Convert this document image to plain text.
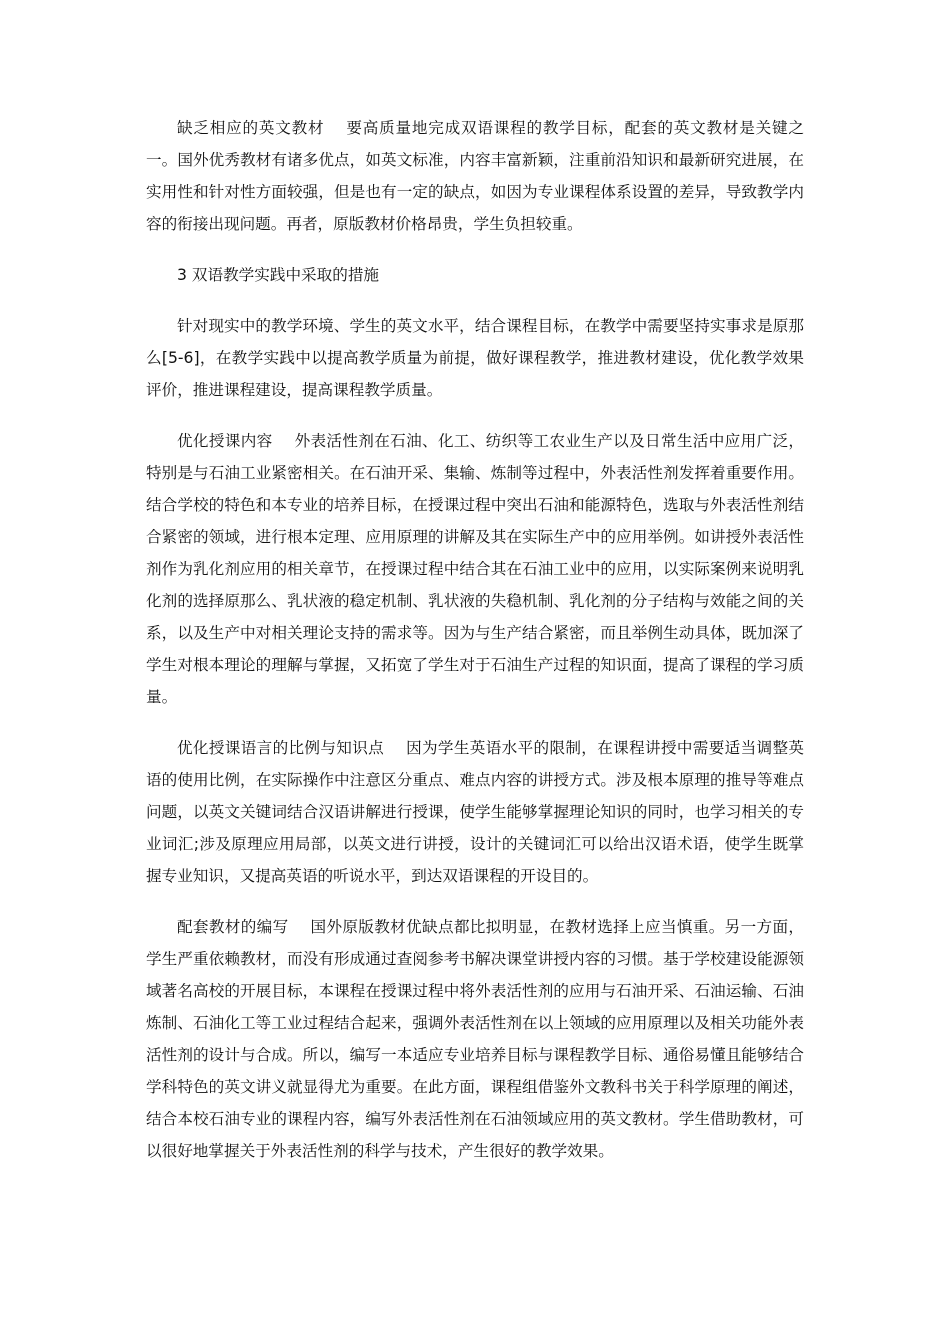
缺乏相应的英文教材 要高质量地完成双语课程的教学目标，配套的英文教材是关键之一。国外优秀教材有诸多优点，如英文标准，内容丰富新颖，注重前沿知识和最新研究进展，在实用性和针对性方面较强，但是也有一定的缺点，如因为专业课程体系设置的差异，导致教学内容的衔接出现问题。再者，原版教材价格昂贵，学生负担较重。

3 双语教学实践中采取的措施

针对现实中的教学环境、学生的英文水平，结合课程目标，在教学中需要坚持实事求是原那么[5-6]，在教学实践中以提高教学质量为前提，做好课程教学，推进教材建设，优化教学效果评价，推进课程建设，提高课程教学质量。

优化授课内容 外表活性剂在石油、化工、纺织等工农业生产以及日常生活中应用广泛，特别是与石油工业紧密相关。在石油开采、集输、炼制等过程中，外表活性剂发挥着重要作用。结合学校的特色和本专业的培养目标，在授课过程中突出石油和能源特色，选取与外表活性剂结合紧密的领域，进行根本定理、应用原理的讲解及其在实际生产中的应用举例。如讲授外表活性剂作为乳化剂应用的相关章节，在授课过程中结合其在石油工业中的应用，以实际案例来说明乳化剂的选择原那么、乳状液的稳定机制、乳状液的失稳机制、乳化剂的分子结构与效能之间的关系，以及生产中对相关理论支持的需求等。因为与生产结合紧密，而且举例生动具体，既加深了学生对根本理论的理解与掌握，又拓宽了学生对于石油生产过程的知识面，提高了课程的学习质量。

优化授课语言的比例与知识点 因为学生英语水平的限制，在课程讲授中需要适当调整英语的使用比例，在实际操作中注意区分重点、难点内容的讲授方式。涉及根本原理的推导等难点问题，以英文关键词结合汉语讲解进行授课，使学生能够掌握理论知识的同时，也学习相关的专业词汇;涉及原理应用局部，以英文进行讲授，设计的关键词汇可以给出汉语术语，使学生既掌握专业知识，又提高英语的听说水平，到达双语课程的开设目的。

配套教材的编写 国外原版教材优缺点都比拟明显，在教材选择上应当慎重。另一方面，学生严重依赖教材，而没有形成通过查阅参考书解决课堂讲授内容的习惯。基于学校建设能源领域著名高校的开展目标，本课程在授课过程中将外表活性剂的应用与石油开采、石油运输、石油炼制、石油化工等工业过程结合起来，强调外表活性剂在以上领域的应用原理以及相关功能外表活性剂的设计与合成。所以，编写一本适应专业培养目标与课程教学目标、通俗易懂且能够结合学科特色的英文讲义就显得尤为重要。在此方面，课程组借鉴外文教科书关于科学原理的阐述，结合本校石油专业的课程内容，编写外表活性剂在石油领域应用的英文教材。学生借助教材，可以很好地掌握关于外表活性剂的科学与技术，产生很好的教学效果。
